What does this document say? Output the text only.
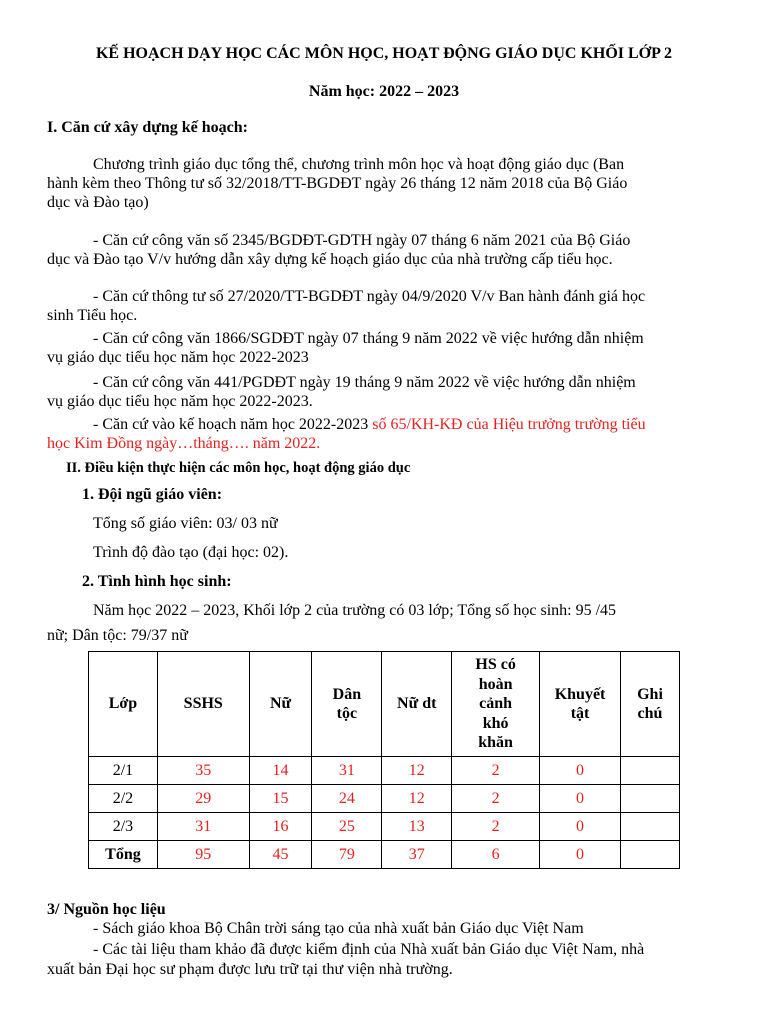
KẾ HOẠCH DẠY HỌC CÁC MÔN HỌC, HOẠT ĐỘNG GIÁO DỤC KHỐI LỚP 2
Năm học: 2022 – 2023
I. Căn cứ xây dựng kế hoạch:
Chương trình giáo dục tổng thể, chương trình môn học và hoạt động giáo dục (Ban
hành kèm theo Thông tư số 32/2018/TT-BGDĐT ngày 26 tháng 12 năm 2018 của Bộ Giáo
dục và Đào tạo)
- Căn cứ công văn số 2345/BGDĐT-GDTH ngày 07 tháng 6 năm 2021 của Bộ Giáo
dục và Đào tạo V/v hướng dẫn xây dựng kế hoạch giáo dục của nhà trường cấp tiểu học.
- Căn cứ thông tư số 27/2020/TT-BGDĐT ngày 04/9/2020 V/v Ban hành đánh giá học
sinh Tiểu học.
- Căn cứ công văn 1866/SGDĐT ngày 07 tháng 9 năm 2022 về việc hướng dẫn nhiệm
vụ giáo dục tiểu học năm học 2022-2023
- Căn cứ công văn 441/PGDĐT ngày 19 tháng 9 năm 2022 về việc hướng dẫn nhiệm
vụ giáo dục tiểu học năm học 2022-2023.
- Căn cứ vào kế hoạch năm học 2022-2023 số 65/KH-KĐ của Hiệu trưởng trường tiểu
học Kim Đồng ngày…tháng…. năm 2022.
II. Điều kiện thực hiện các môn học, hoạt động giáo dục
1. Đội ngũ giáo viên:
Tổng số giáo viên: 03/ 03 nữ
Trình độ đào tạo (đại học: 02).
2. Tình hình học sinh:
Năm học 2022 – 2023, Khối lớp 2 của trường có 03 lớp; Tổng số học sinh: 95 /45
nữ; Dân tộc: 79/37 nữ
Lớp	SSHS	Nữ	Dân tộc	Nữ dt	HS có hoàn cảnh khó khăn	Khuyết tật	Ghi chú
2/1	35	14	31	12	2	0	
2/2	29	15	24	12	2	0	
2/3	31	16	25	13	2	0	
Tổng	95	45	79	37	6	0	
3/ Nguồn học liệu
- Sách giáo khoa Bộ Chân trời sáng tạo của nhà xuất bản Giáo dục Việt Nam
- Các tài liệu tham khảo đã được kiểm định của Nhà xuất bản Giáo dục Việt Nam, nhà
xuất bản Đại học sư phạm được lưu trữ tại thư viện nhà trường.
